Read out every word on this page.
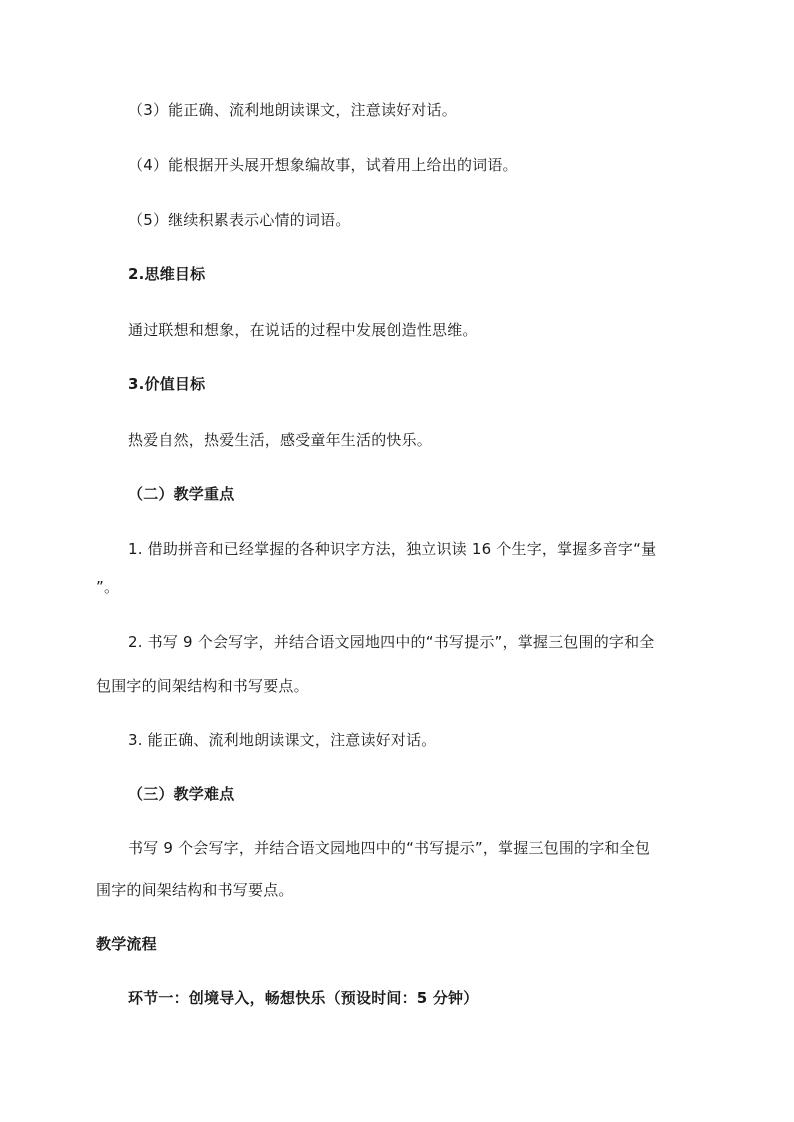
（3）能正确、流利地朗读课文，注意读好对话。

（4）能根据开头展开想象编故事，试着用上给出的词语。

（5）继续积累表示心情的词语。

2.思维目标

通过联想和想象，在说话的过程中发展创造性思维。

3.价值目标

热爱自然，热爱生活，感受童年生活的快乐。

（二）教学重点

1. 借助拼音和已经掌握的各种识字方法，独立识读 16 个生字，掌握多音字“量

”。

2. 书写 9 个会写字，并结合语文园地四中的“书写提示”，掌握三包围的字和全

包围字的间架结构和书写要点。

3. 能正确、流利地朗读课文，注意读好对话。

（三）教学难点

书写 9 个会写字，并结合语文园地四中的“书写提示”，掌握三包围的字和全包

围字的间架结构和书写要点。

教学流程

环节一：创境导入，畅想快乐（预设时间：5 分钟）
